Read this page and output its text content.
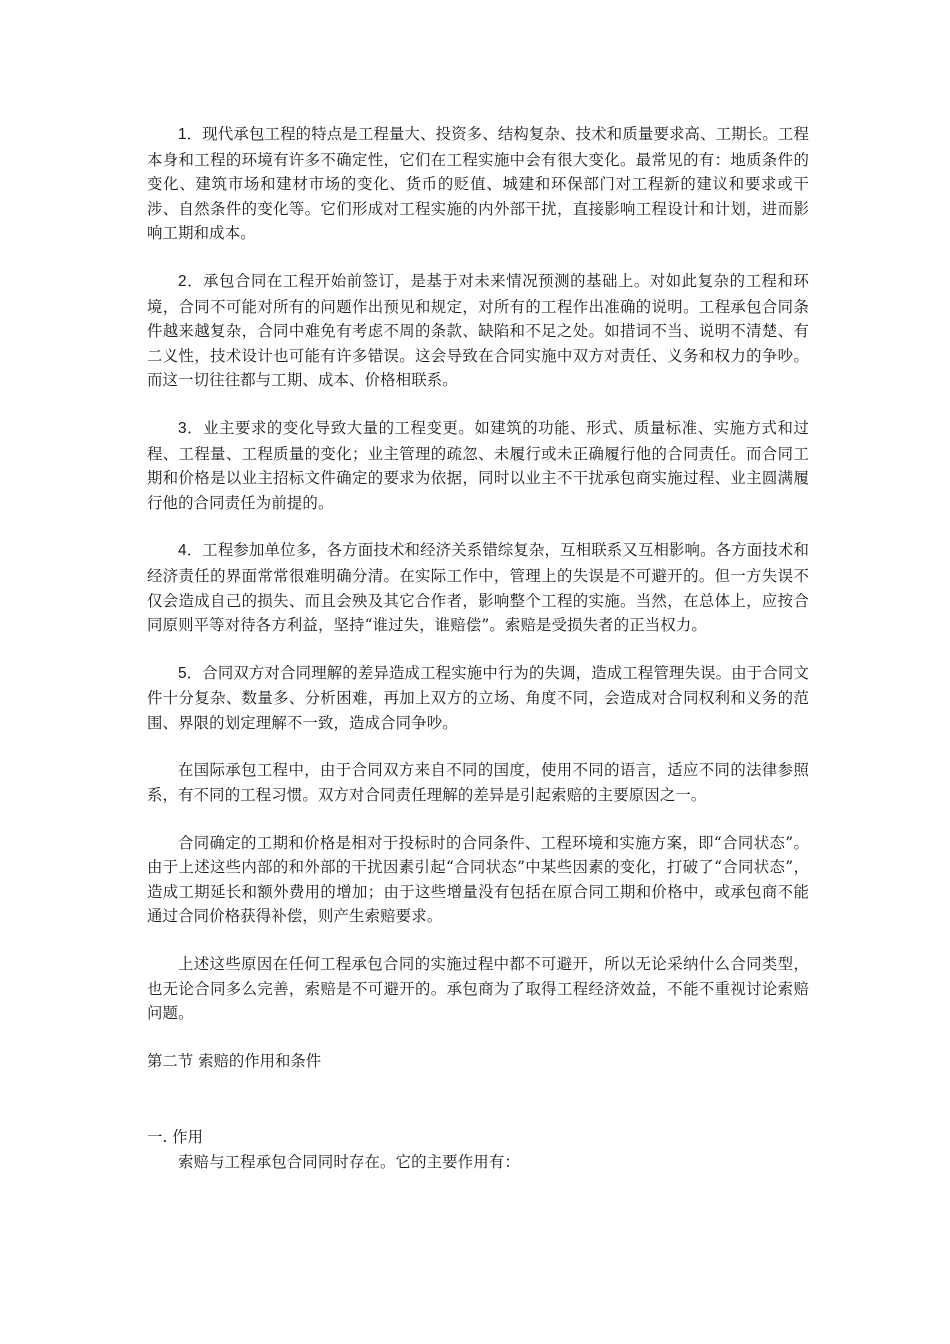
1．现代承包工程的特点是工程量大、投资多、结构复杂、技术和质量要求高、工期长。工程本身和工程的环境有许多不确定性，它们在工程实施中会有很大变化。最常见的有：地质条件的变化、建筑市场和建材市场的变化、货币的贬值、城建和环保部门对工程新的建议和要求或干涉、自然条件的变化等。它们形成对工程实施的内外部干扰，直接影响工程设计和计划，进而影响工期和成本。

2．承包合同在工程开始前签订，是基于对未来情况预测的基础上。对如此复杂的工程和环境，合同不可能对所有的问题作出预见和规定，对所有的工程作出准确的说明。工程承包合同条件越来越复杂，合同中难免有考虑不周的条款、缺陷和不足之处。如措词不当、说明不清楚、有二义性，技术设计也可能有许多错误。这会导致在合同实施中双方对责任、义务和权力的争吵。而这一切往往都与工期、成本、价格相联系。

3．业主要求的变化导致大量的工程变更。如建筑的功能、形式、质量标准、实施方式和过程、工程量、工程质量的变化；业主管理的疏忽、未履行或未正确履行他的合同责任。而合同工期和价格是以业主招标文件确定的要求为依据，同时以业主不干扰承包商实施过程、业主圆满履行他的合同责任为前提的。

4．工程参加单位多，各方面技术和经济关系错综复杂，互相联系又互相影响。各方面技术和经济责任的界面常常很难明确分清。在实际工作中，管理上的失误是不可避开的。但一方失误不仅会造成自己的损失、而且会殃及其它合作者，影响整个工程的实施。当然，在总体上，应按合同原则平等对待各方利益，坚持“谁过失，谁赔偿”。索赔是受损失者的正当权力。

5．合同双方对合同理解的差异造成工程实施中行为的失调，造成工程管理失误。由于合同文件十分复杂、数量多、分析困难，再加上双方的立场、角度不同，会造成对合同权利和义务的范围、界限的划定理解不一致，造成合同争吵。

在国际承包工程中，由于合同双方来自不同的国度，使用不同的语言，适应不同的法律参照系，有不同的工程习惯。双方对合同责任理解的差异是引起索赔的主要原因之一。

合同确定的工期和价格是相对于投标时的合同条件、工程环境和实施方案，即“合同状态”。由于上述这些内部的和外部的干扰因素引起“合同状态”中某些因素的变化，打破了“合同状态”，造成工期延长和额外费用的增加；由于这些增量没有包括在原合同工期和价格中，或承包商不能通过合同价格获得补偿，则产生索赔要求。

上述这些原因在任何工程承包合同的实施过程中都不可避开，所以无论采纳什么合同类型，也无论合同多么完善，索赔是不可避开的。承包商为了取得工程经济效益，不能不重视讨论索赔问题。

第二节 索赔的作用和条件

一. 作用

索赔与工程承包合同同时存在。它的主要作用有：
